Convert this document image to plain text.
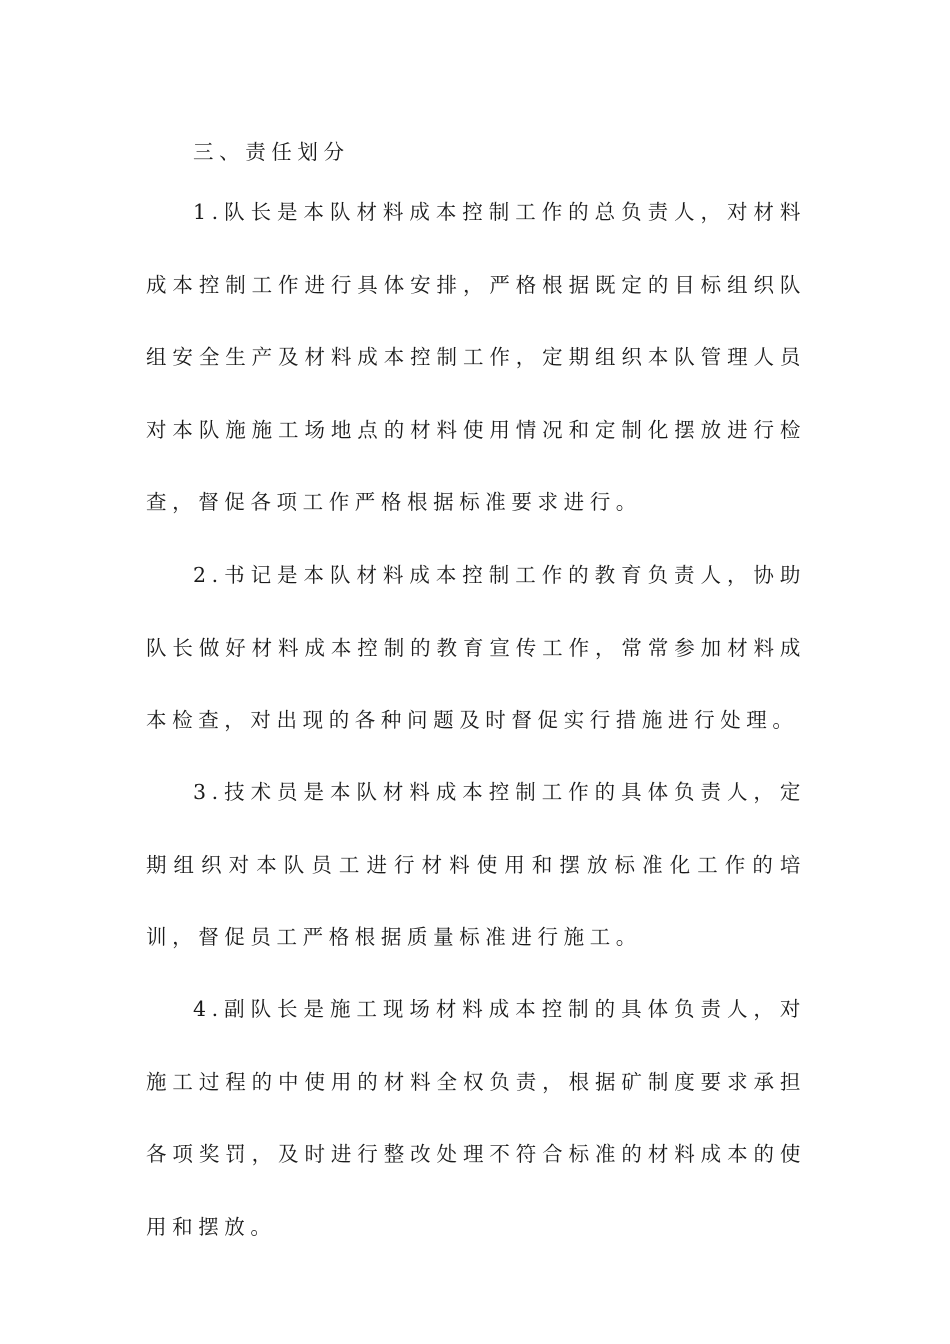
三、责任划分

1.队长是本队材料成本控制工作的总负责人，对材料成本控制工作进行具体安排，严格根据既定的目标组织队组安全生产及材料成本控制工作，定期组织本队管理人员对本队施施工场地点的材料使用情况和定制化摆放进行检查，督促各项工作严格根据标准要求进行。

2.书记是本队材料成本控制工作的教育负责人，协助队长做好材料成本控制的教育宣传工作，常常参加材料成本检查，对出现的各种问题及时督促实行措施进行处理。

3.技术员是本队材料成本控制工作的具体负责人，定期组织对本队员工进行材料使用和摆放标准化工作的培训，督促员工严格根据质量标准进行施工。

4.副队长是施工现场材料成本控制的具体负责人，对施工过程的中使用的材料全权负责，根据矿制度要求承担各项奖罚，及时进行整改处理不符合标准的材料成本的使用和摆放。
